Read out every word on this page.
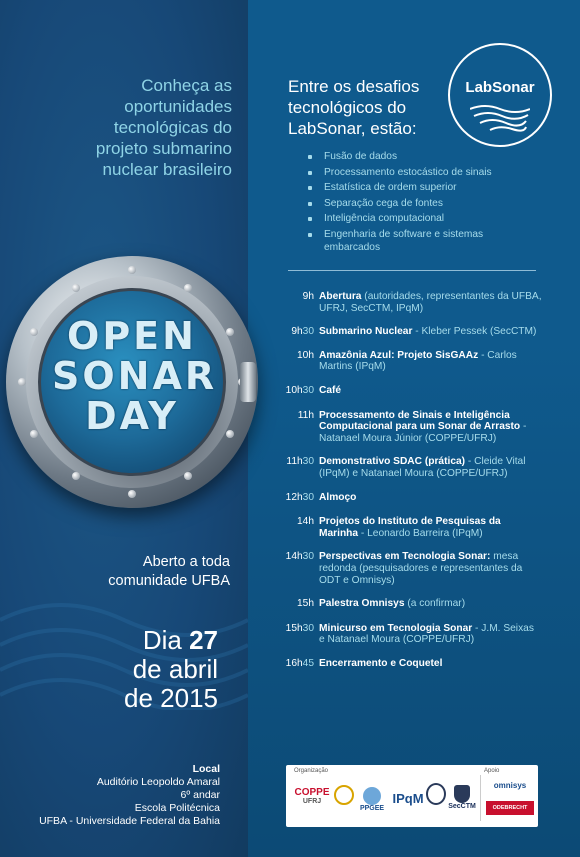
Conheça as
oportunidades
tecnológicas do
projeto submarino
nuclear brasileiro
OPEN
SONAR
DAY
Aberto a toda
comunidade UFBA
Dia 27
de abril
de 2015
Local
Auditório Leopoldo Amaral
6º andar
Escola Politécnica
UFBA - Universidade Federal da Bahia
Entre os desafios
tecnológicos do
LabSonar, estão:
LabSonar
Fusão de dados
Processamento estocástico de sinais
Estatística de ordem superior
Separação cega de fontes
Inteligência computacional
Engenharia de software e sistemas embarcados
9h Abertura (autoridades, representantes da UFBA, UFRJ, SecCTM, IPqM)
9h30 Submarino Nuclear - Kleber Pessek (SecCTM)
10h Amazônia Azul: Projeto SisGAAz - Carlos Martins (IPqM)
10h30 Café
11h Processamento de Sinais e Inteligência Computacional para um Sonar de Arrasto - Natanael Moura Júnior (COPPE/UFRJ)
11h30 Demonstrativo SDAC (prática) - Cleide Vital (IPqM) e Natanael Moura (COPPE/UFRJ)
12h30 Almoço
14h Projetos do Instituto de Pesquisas da Marinha - Leonardo Barreira (IPqM)
14h30 Perspectivas em Tecnologia Sonar: mesa redonda (pesquisadores e representantes da ODT e Omnisys)
15h Palestra Omnisys (a confirmar)
15h30 Minicurso em Tecnologia Sonar - J.M. Seixas e Natanael Moura (COPPE/UFRJ)
16h45 Encerramento e Coquetel
Organização	Apoio
COPPE
UFRJ
PPGEE
IPqM
SecCTM
omnisys
ODEBRECHT
